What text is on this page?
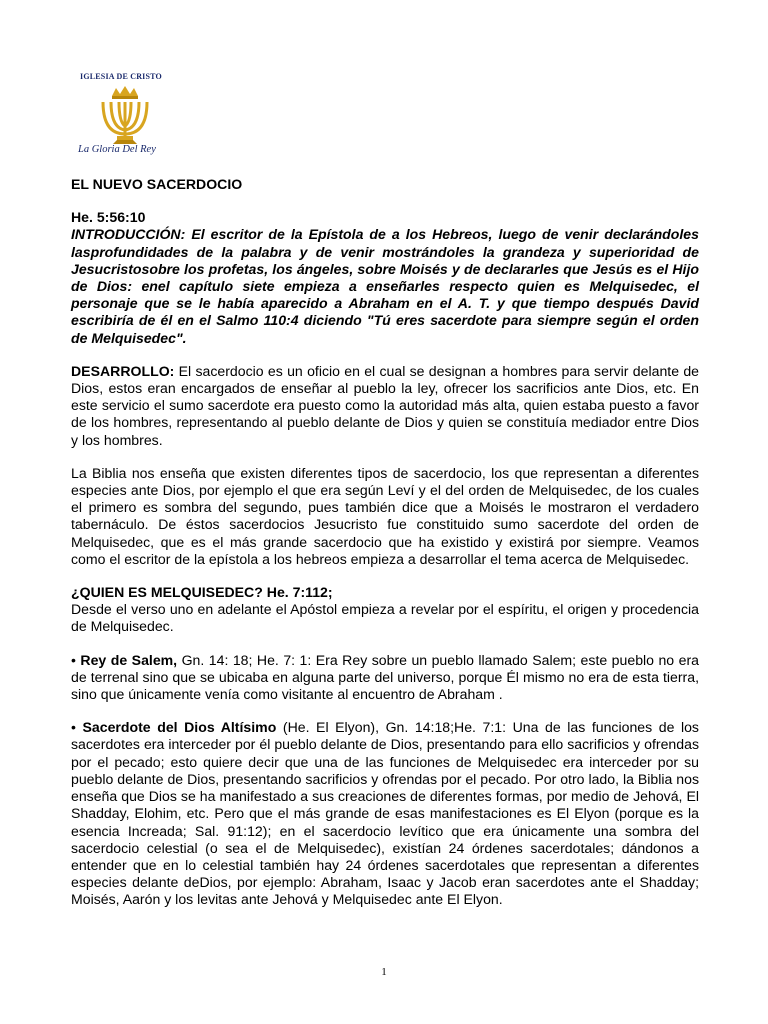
IGLESIA DE CRISTO
La Gloria Del Rey

EL NUEVO SACERDOCIO

He. 5:56:10

INTRODUCCIÓN: El escritor de la Epístola de a los Hebreos, luego de venir declarándoles lasprofundidades de la palabra y de venir mostrándoles la grandeza y superioridad de Jesucristosobre los profetas, los ángeles, sobre Moisés y de declararles que Jesús es el Hijo de Dios: enel capítulo siete empieza a enseñarles respecto quien es Melquisedec, el personaje que se le había aparecido a Abraham en el A. T. y que tiempo después David escribiría de él en el Salmo 110:4 diciendo "Tú eres sacerdote para siempre según el orden de Melquisedec".

DESARROLLO: El sacerdocio es un oficio en el cual se designan a hombres para servir delante de Dios, estos eran encargados de enseñar al pueblo la ley, ofrecer los sacrificios ante Dios, etc. En este servicio el sumo sacerdote era puesto como la autoridad más alta, quien estaba puesto a favor de los hombres, representando al pueblo delante de Dios y quien se constituía mediador entre Dios y los hombres.

La Biblia nos enseña que existen diferentes tipos de sacerdocio, los que representan a diferentes especies ante Dios, por ejemplo el que era según Leví y el del orden de Melquisedec, de los cuales el primero es sombra del segundo, pues también dice que a Moisés le mostraron el verdadero tabernáculo. De éstos sacerdocios Jesucristo fue constituido sumo sacerdote del orden de Melquisedec, que es el más grande sacerdocio que ha existido y existirá por siempre. Veamos como el escritor de la epístola a los hebreos empieza a desarrollar el tema acerca de Melquisedec.

¿QUIEN ES MELQUISEDEC? He. 7:112;

Desde el verso uno en adelante el Apóstol empieza a revelar por el espíritu, el origen y procedencia de Melquisedec.

• Rey de Salem, Gn. 14: 18; He. 7: 1: Era Rey sobre un pueblo llamado Salem; este pueblo no era de terrenal sino que se ubicaba en alguna parte del universo, porque Él mismo no era de esta tierra, sino que únicamente venía como visitante al encuentro de Abraham .

• Sacerdote del Dios Altísimo (He. El Elyon), Gn. 14:18;He. 7:1: Una de las funciones de los sacerdotes era interceder por él pueblo delante de Dios, presentando para ello sacrificios y ofrendas por el pecado; esto quiere decir que una de las funciones de Melquisedec era interceder por su pueblo delante de Dios, presentando sacrificios y ofrendas por el pecado. Por otro lado, la Biblia nos enseña que Dios se ha manifestado a sus creaciones de diferentes formas, por medio de Jehová, El Shadday, Elohim, etc. Pero que el más grande de esas manifestaciones es El Elyon (porque es la esencia Increada; Sal. 91:12); en el sacerdocio levítico que era únicamente una sombra del sacerdocio celestial (o sea el de Melquisedec), existían 24 órdenes sacerdotales; dándonos a entender que en lo celestial también hay 24 órdenes sacerdotales que representan a diferentes especies delante deDios, por ejemplo: Abraham, Isaac y Jacob eran sacerdotes ante el Shadday; Moisés, Aarón y los levitas ante Jehová y Melquisedec ante El Elyon.

1
